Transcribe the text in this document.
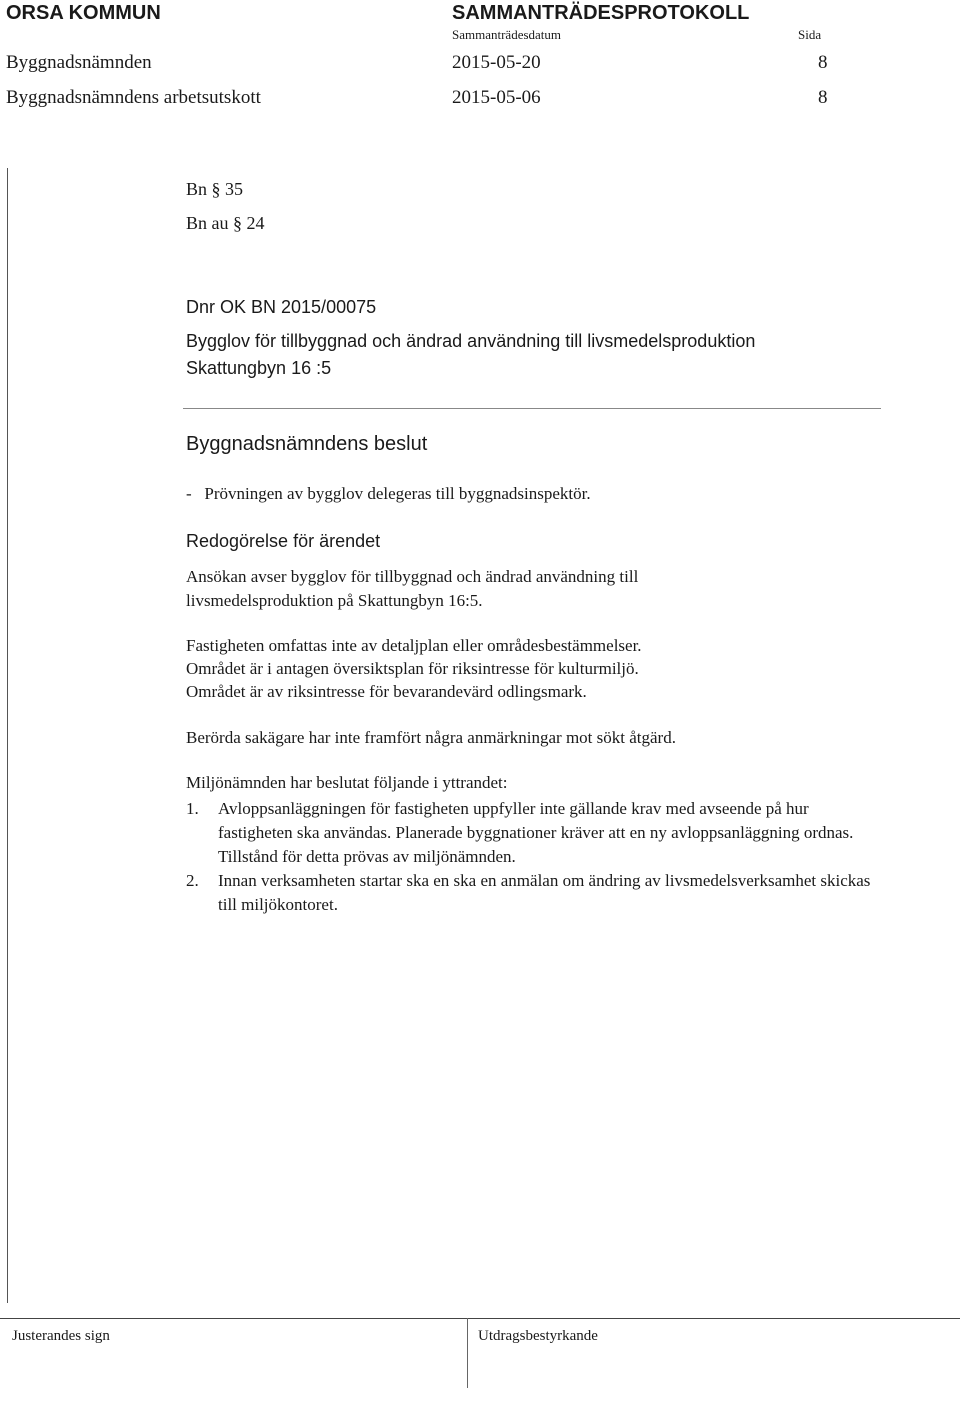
ORSA KOMMUN	SAMMANTRÄDESPROTOKOLL
Sammanträdesdatum	Sida
Byggnadsnämnden	2015-05-20	8
Byggnadsnämndens arbetsutskott	2015-05-06	8
Bn § 35
Bn au § 24
Dnr OK BN 2015/00075
Bygglov för tillbyggnad och ändrad användning till livsmedelsproduktion
Skattungbyn 16 :5
Byggnadsnämndens beslut
-   Prövningen av bygglov delegeras till byggnadsinspektör.
Redogörelse för ärendet
Ansökan avser bygglov för tillbyggnad och ändrad användning till
livsmedelsproduktion på Skattungbyn 16:5.
Fastigheten omfattas inte av detaljplan eller områdesbestämmelser.
Området är i antagen översiktsplan för riksintresse för kulturmiljö.
Området är av riksintresse för bevarandevärd odlingsmark.
Berörda sakägare har inte framfört några anmärkningar mot sökt åtgärd.
Miljönämnden har beslutat följande i yttrandet:
1.	Avloppsanläggningen för fastigheten uppfyller inte gällande krav med avseende på hur fastigheten ska användas. Planerade byggnationer kräver att en ny avloppsanläggning ordnas. Tillstånd för detta prövas av miljönämnden.
2.	Innan verksamheten startar ska en ska en anmälan om ändring av livsmedelsverksamhet skickas till miljökontoret.
Justerandes sign	Utdragsbestyrkande
